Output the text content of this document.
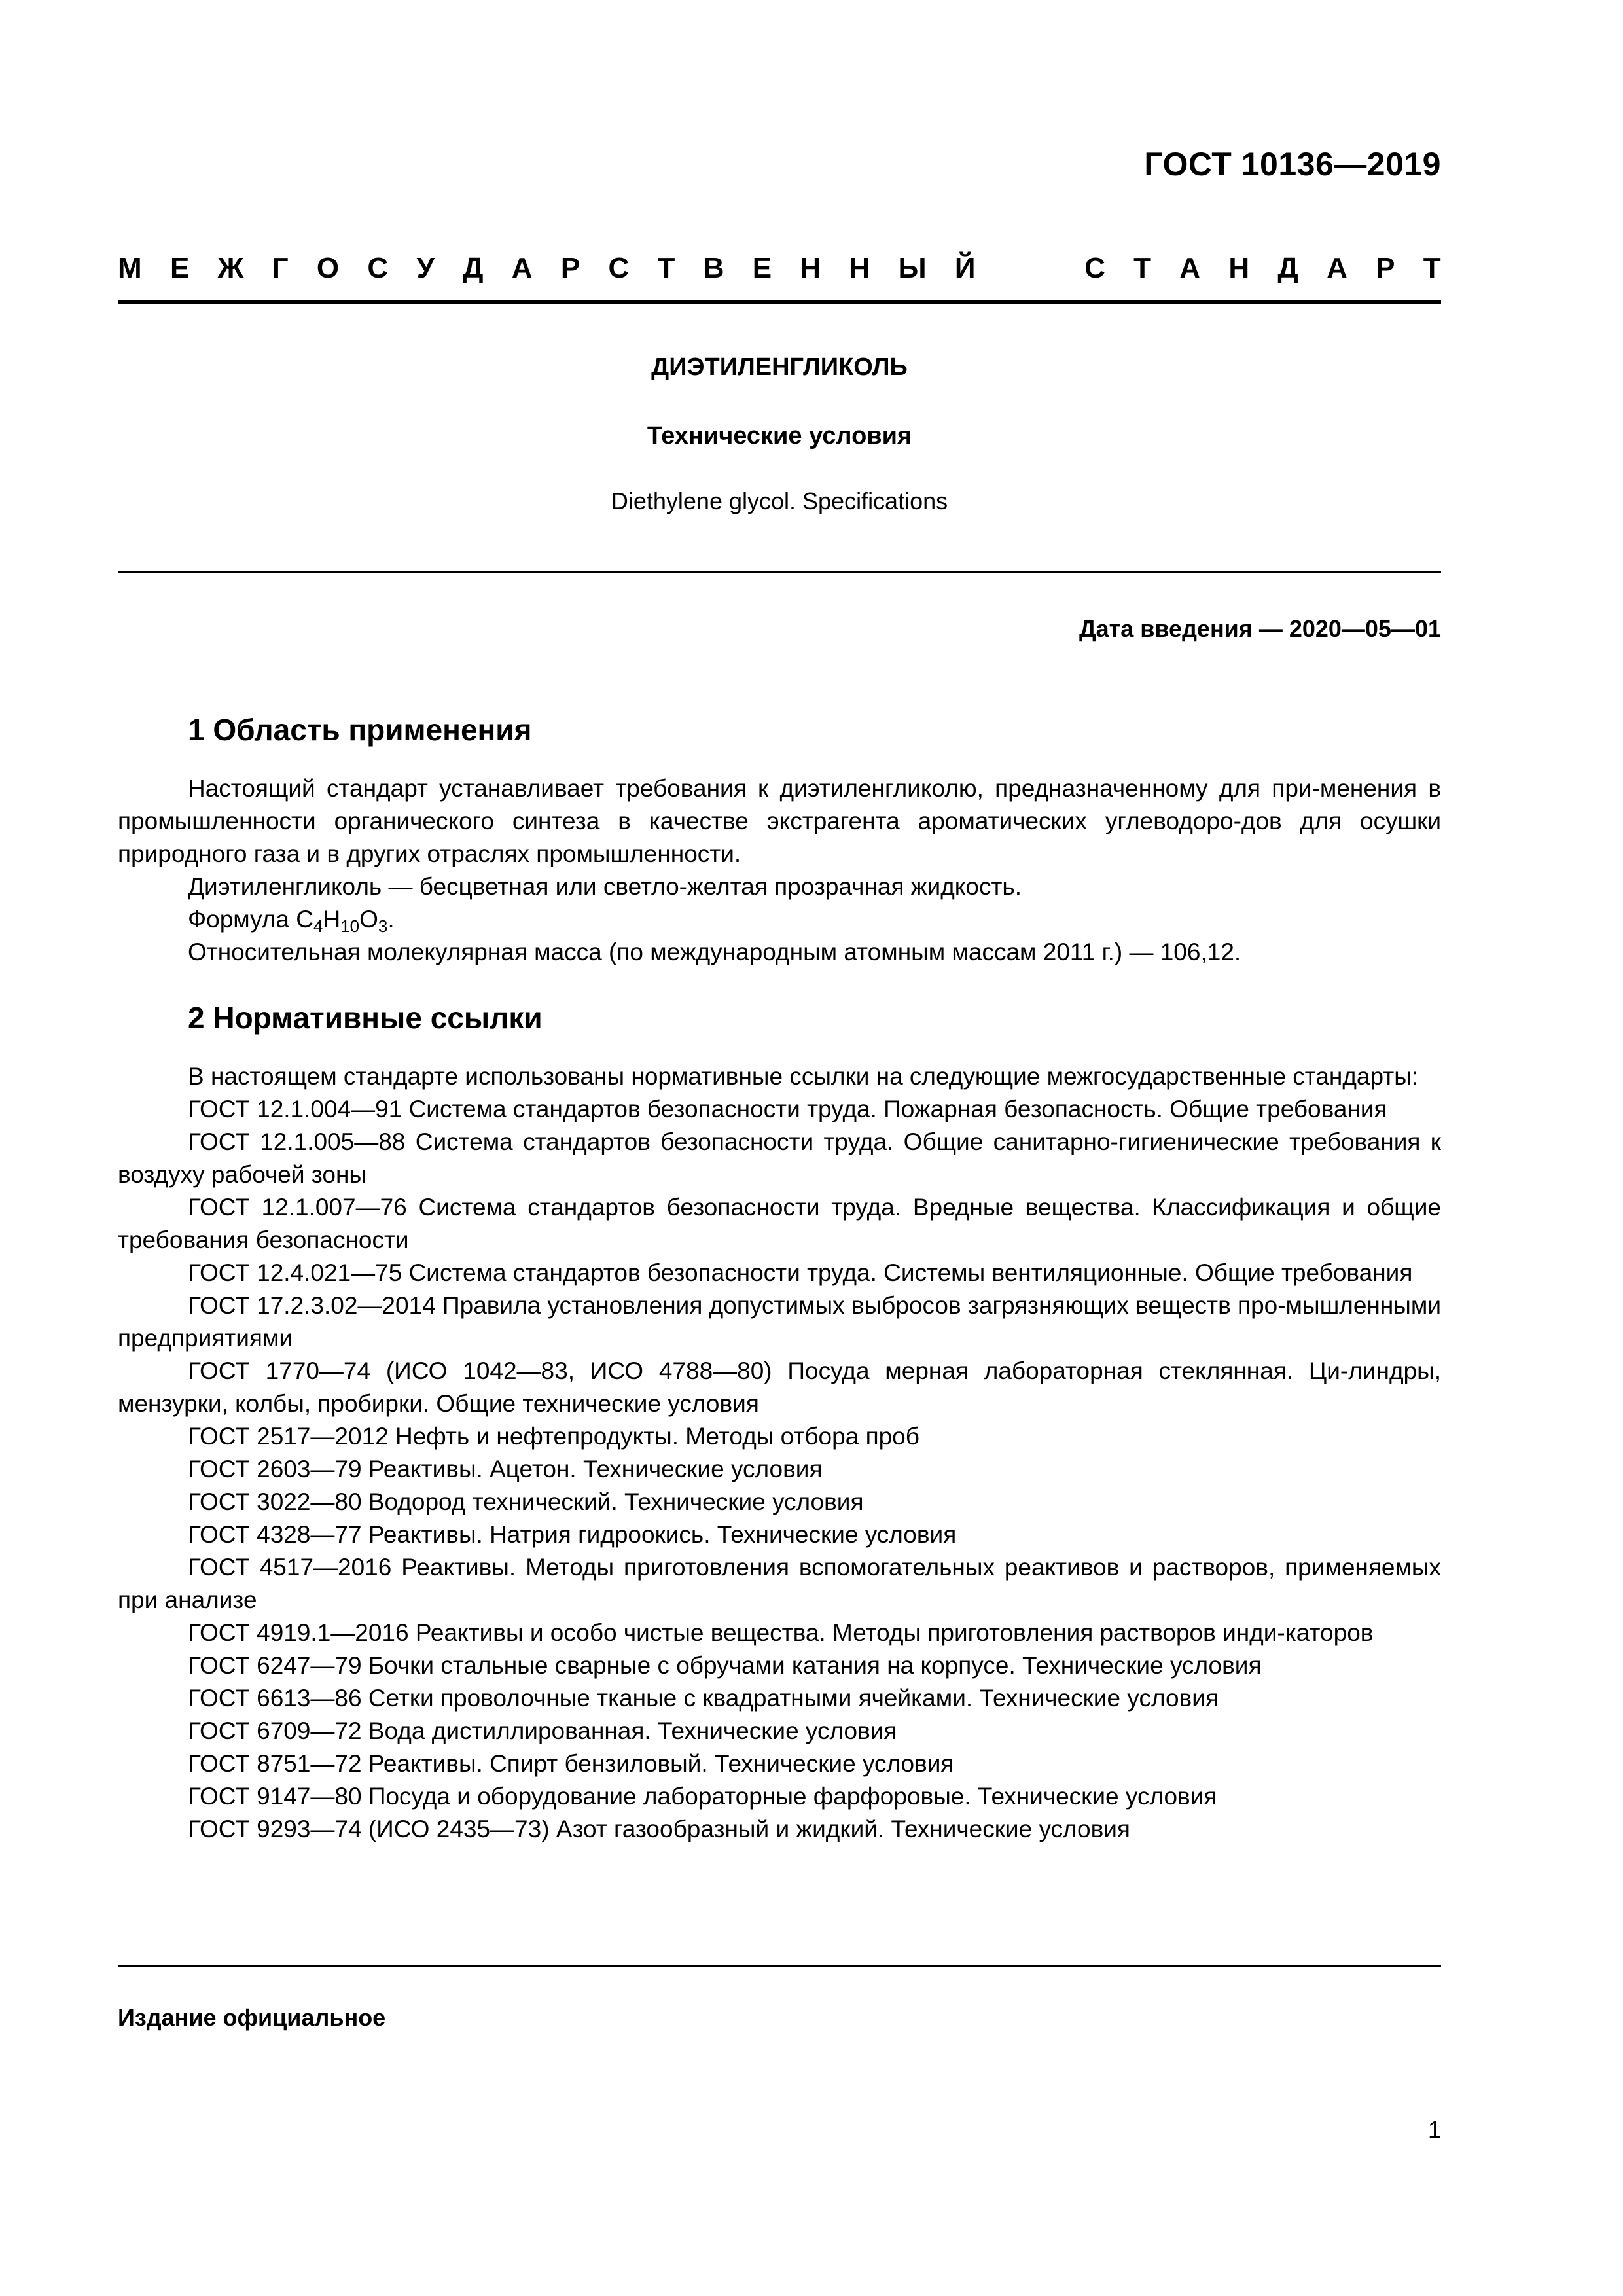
ГОСТ 10136—2019
М Е Ж Г О С У Д А Р С Т В Е Н Н Ы Й	С Т А Н Д А Р Т
ДИЭТИЛЕНГЛИКОЛЬ
Технические условия
Diethylene glycol. Specifications
Дата введения — 2020—05—01
1 Область применения

Настоящий стандарт устанавливает требования к диэтиленгликолю, предназначенному для при-менения в промышленности органического синтеза в качестве экстрагента ароматических углеводоро-дов для осушки природного газа и в других отраслях промышленности.

Диэтиленгликоль — бесцветная или светло-желтая прозрачная жидкость.

Формула $C_4H_{10}O_3$.

Относительная молекулярная масса (по международным атомным массам 2011 г.) — 106,12.

2 Нормативные ссылки

В настоящем стандарте использованы нормативные ссылки на следующие межгосударственные стандарты:

ГОСТ 12.1.004—91 Система стандартов безопасности труда. Пожарная безопасность. Общие требования

ГОСТ 12.1.005—88 Система стандартов безопасности труда. Общие санитарно-гигиенические требования к воздуху рабочей зоны

ГОСТ 12.1.007—76 Система стандартов безопасности труда. Вредные вещества. Классификация и общие требования безопасности

ГОСТ 12.4.021—75 Система стандартов безопасности труда. Системы вентиляционные. Общие требования

ГОСТ 17.2.3.02—2014 Правила установления допустимых выбросов загрязняющих веществ про-мышленными предприятиями

ГОСТ 1770—74 (ИСО 1042—83, ИСО 4788—80) Посуда мерная лабораторная стеклянная. Ци-линдры, мензурки, колбы, пробирки. Общие технические условия

ГОСТ 2517—2012 Нефть и нефтепродукты. Методы отбора проб

ГОСТ 2603—79 Реактивы. Ацетон. Технические условия

ГОСТ 3022—80 Водород технический. Технические условия

ГОСТ 4328—77 Реактивы. Натрия гидроокись. Технические условия

ГОСТ 4517—2016 Реактивы. Методы приготовления вспомогательных реактивов и растворов, применяемых при анализе

ГОСТ 4919.1—2016 Реактивы и особо чистые вещества. Методы приготовления растворов инди-каторов

ГОСТ 6247—79 Бочки стальные сварные с обручами катания на корпусе. Технические условия

ГОСТ 6613—86 Сетки проволочные тканые с квадратными ячейками. Технические условия

ГОСТ 6709—72 Вода дистиллированная. Технические условия

ГОСТ 8751—72 Реактивы. Спирт бензиловый. Технические условия

ГОСТ 9147—80 Посуда и оборудование лабораторные фарфоровые. Технические условия

ГОСТ 9293—74 (ИСО 2435—73) Азот газообразный и жидкий. Технические условия

Издание официальное
1
